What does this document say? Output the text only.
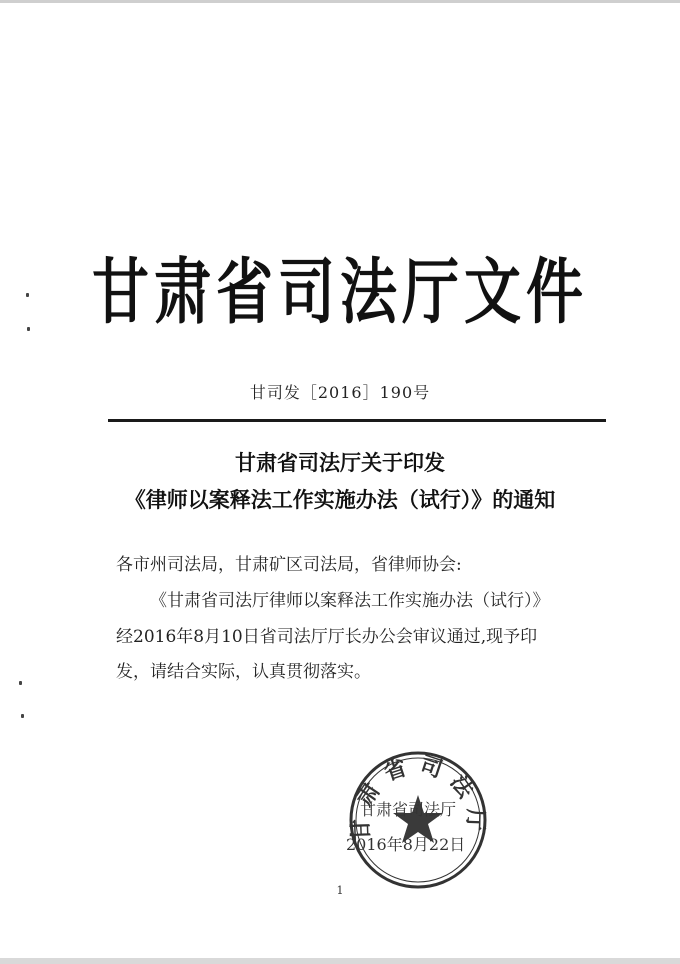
甘肃省司法厅文件
甘司发［2016］190号
甘肃省司法厅关于印发
《律师以案释法工作实施办法（试行）》的通知
各市州司法局，甘肃矿区司法局，省律师协会:
《甘肃省司法厅律师以案释法工作实施办法（试行）》
经2016年8月10日省司法厅厅长办公会审议通过,现予印
发，请结合实际，认真贯彻落实。
甘肃省司法厅
甘肃省司法厅
2016年8月22日
1
